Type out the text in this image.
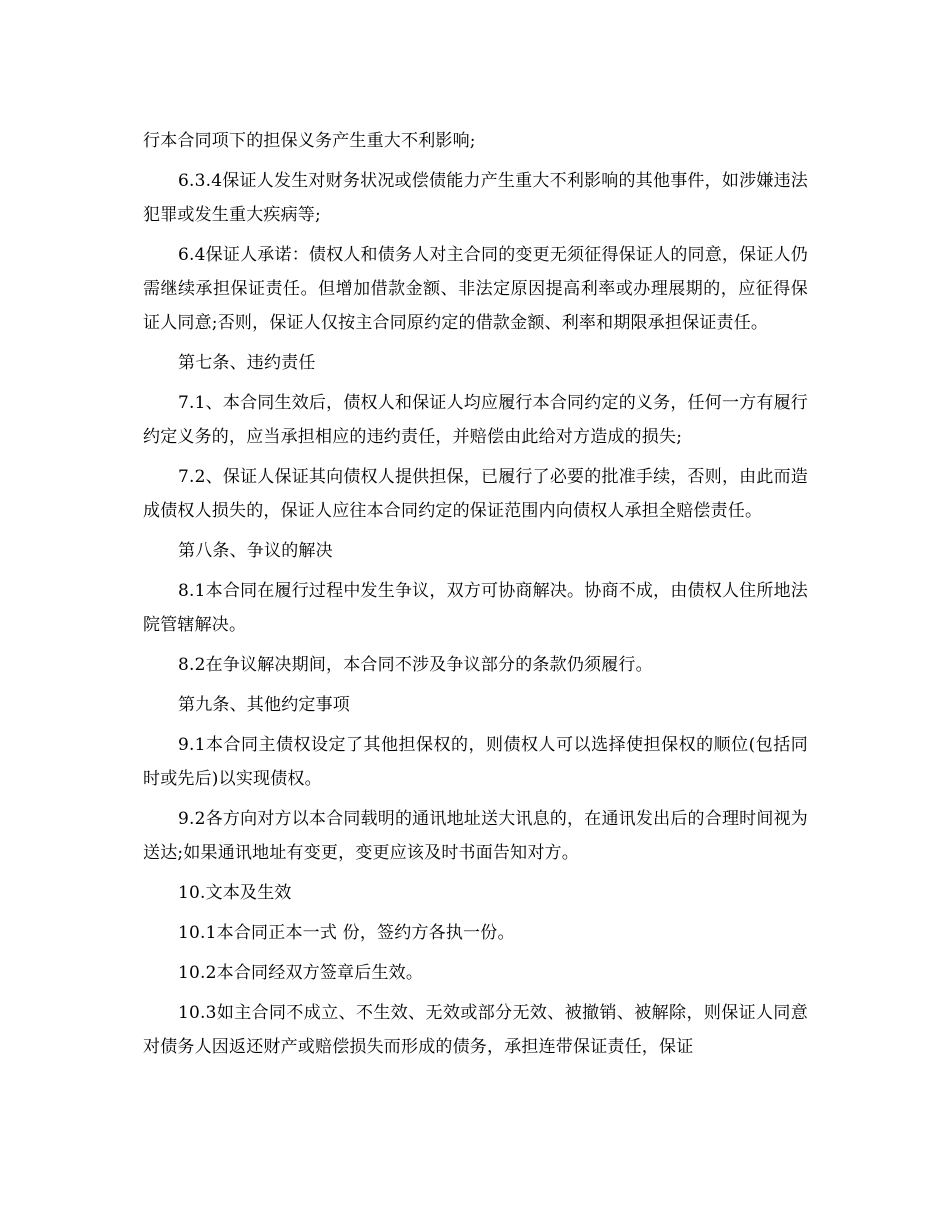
行本合同项下的担保义务产生重大不利影响;

6.3.4保证人发生对财务状况或偿债能力产生重大不利影响的其他事件，如涉嫌违法犯罪或发生重大疾病等;

6.4保证人承诺：债权人和债务人对主合同的变更无须征得保证人的同意，保证人仍需继续承担保证责任。但增加借款金额、非法定原因提高利率或办理展期的，应征得保证人同意;否则，保证人仅按主合同原约定的借款金额、利率和期限承担保证责任。

第七条、违约责任

7.1、本合同生效后，债权人和保证人均应履行本合同约定的义务，任何一方有履行约定义务的，应当承担相应的违约责任，并赔偿由此给对方造成的损失;

7.2、保证人保证其向债权人提供担保，已履行了必要的批准手续，否则，由此而造成债权人损失的，保证人应往本合同约定的保证范围内向债权人承担全赔偿责任。

第八条、争议的解决

8.1本合同在履行过程中发生争议，双方可协商解决。协商不成，由债权人住所地法院管辖解决。

8.2在争议解决期间，本合同不涉及争议部分的条款仍须履行。

第九条、其他约定事项

9.1本合同主债权设定了其他担保权的，则债权人可以选择使担保权的顺位(包括同时或先后)以实现债权。

9.2各方向对方以本合同载明的通讯地址送大讯息的，在通讯发出后的合理时间视为送达;如果通讯地址有变更，变更应该及时书面告知对方。

10.文本及生效

10.1本合同正本一式 份，签约方各执一份。

10.2本合同经双方签章后生效。

10.3如主合同不成立、不生效、无效或部分无效、被撤销、被解除，则保证人同意对债务人因返还财产或赔偿损失而形成的债务，承担连带保证责任，保证
